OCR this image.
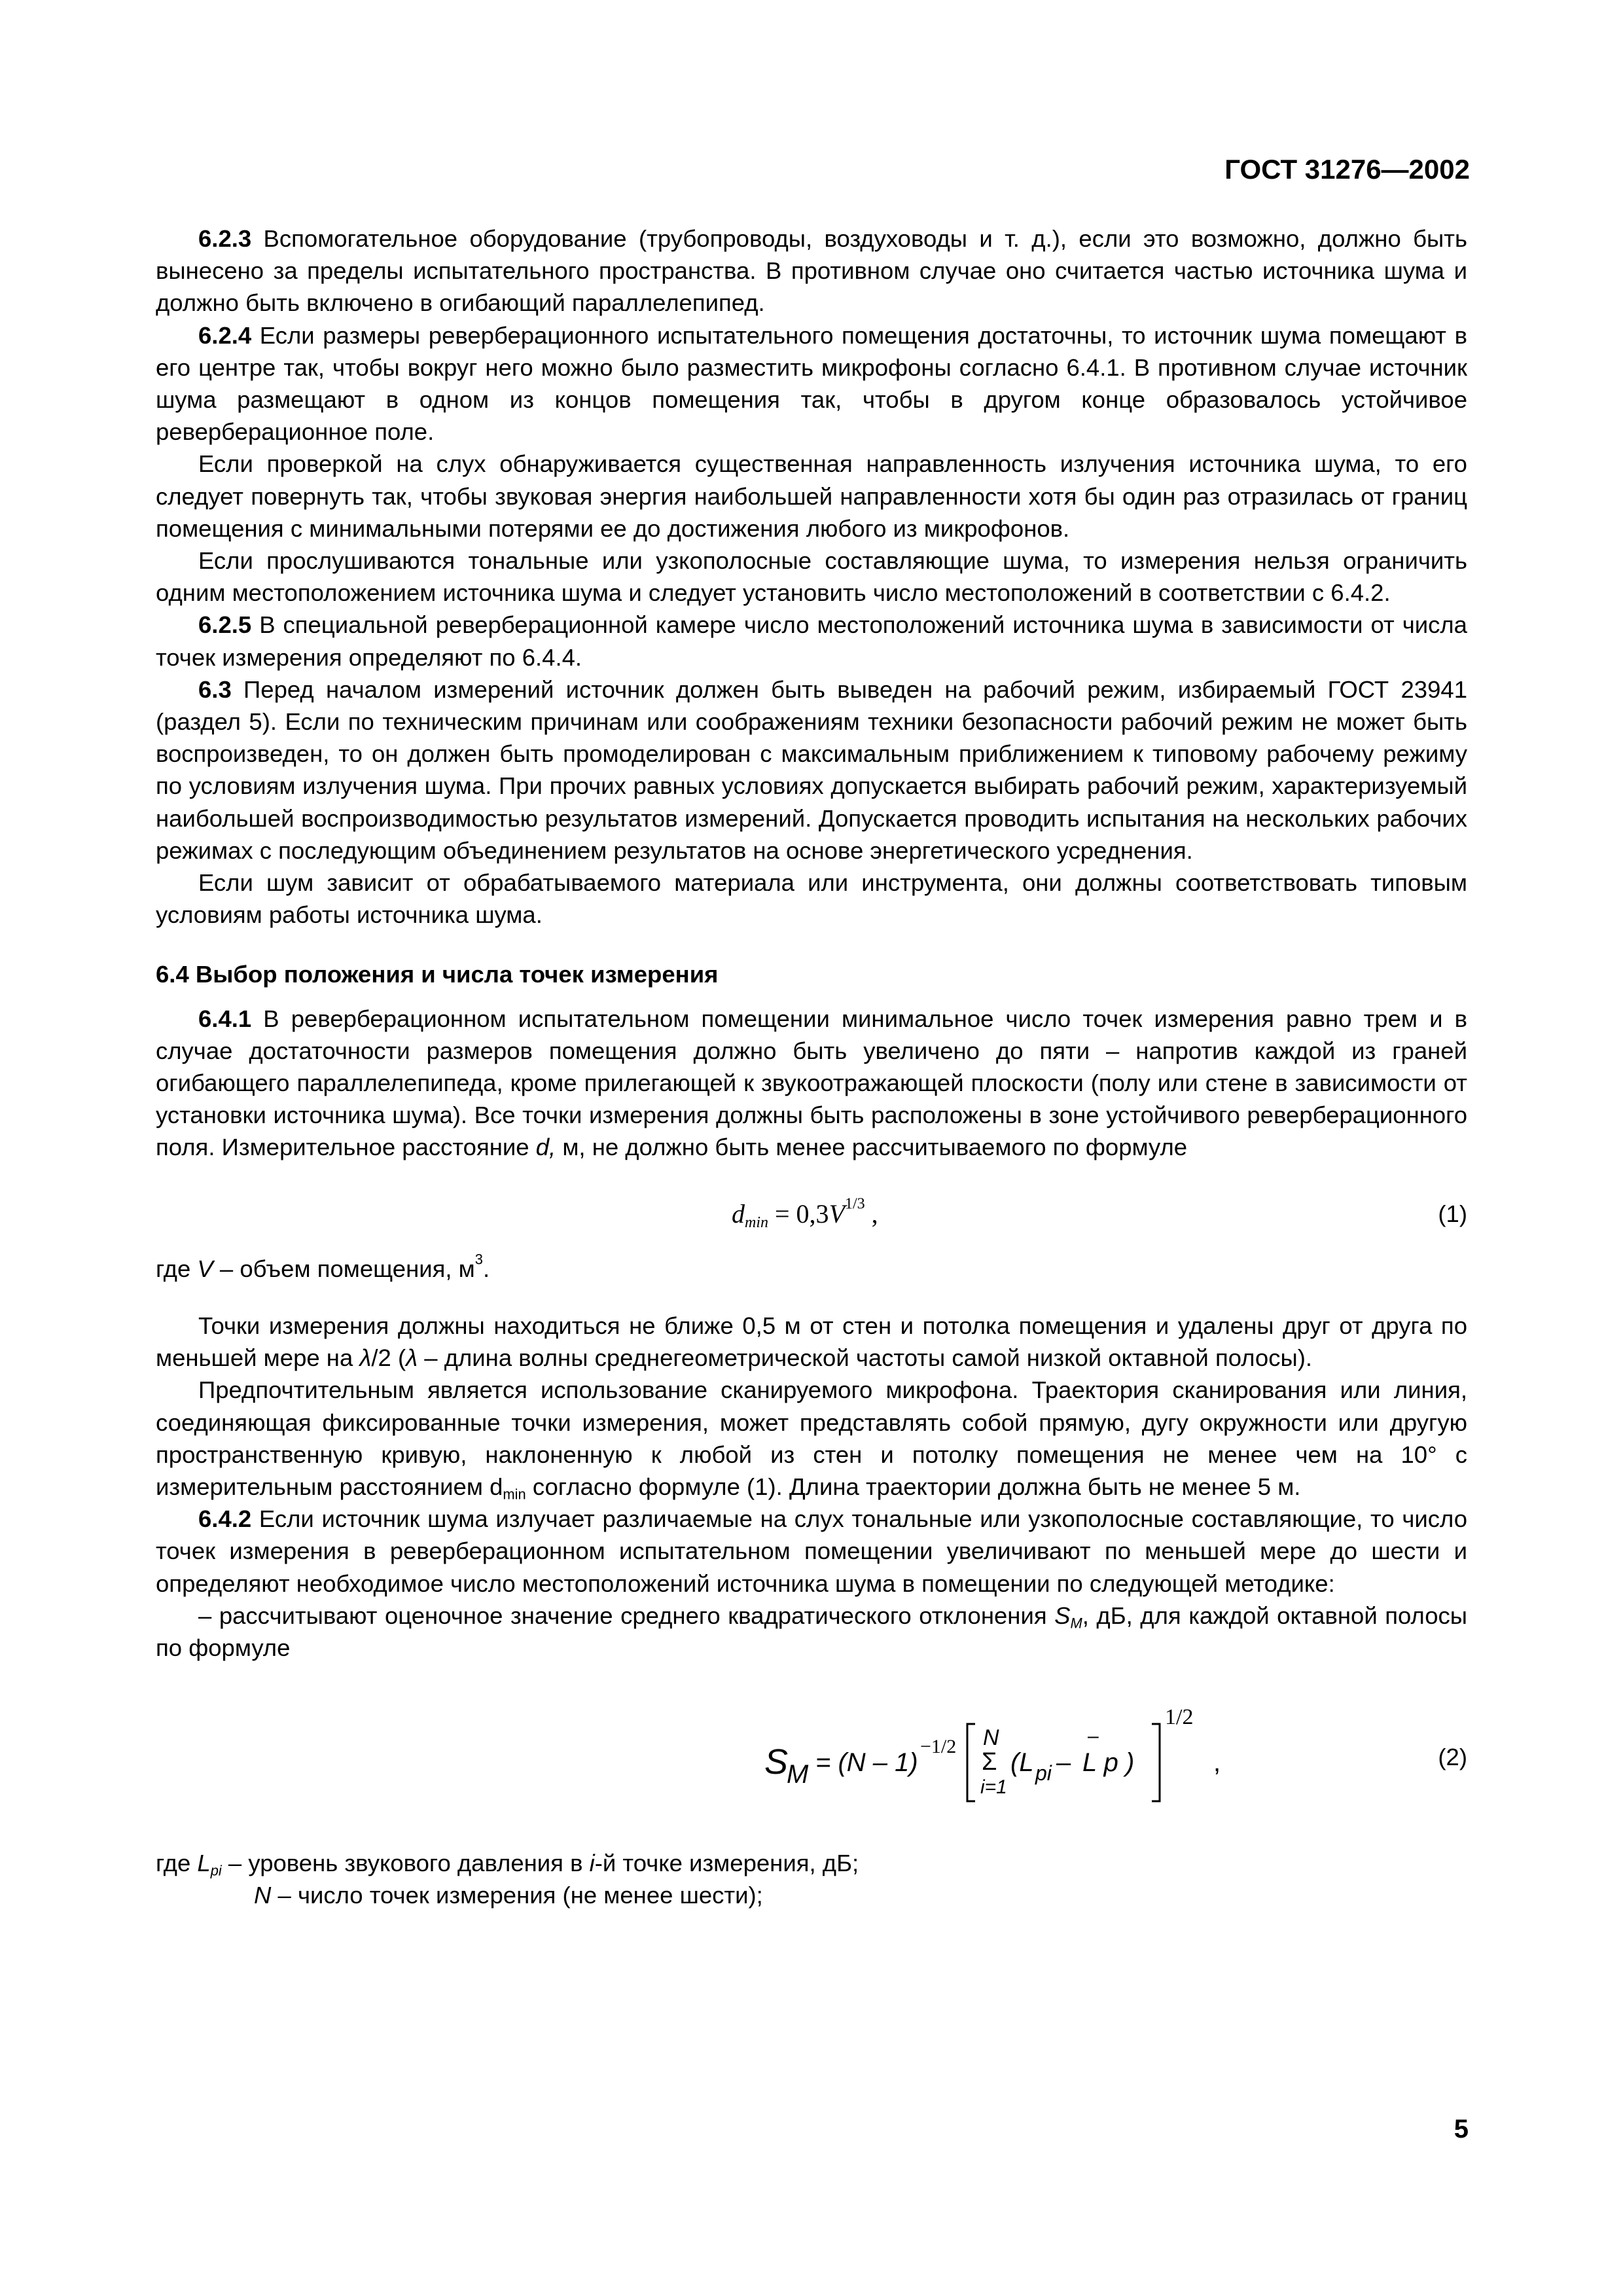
ГОСТ 31276—2002

6.2.3 Вспомогательное оборудование (трубопроводы, воздуховоды и т. д.), если это возможно, должно быть вынесено за пределы испытательного пространства. В противном случае оно считается частью источника шума и должно быть включено в огибающий параллелепипед.

6.2.4 Если размеры реверберационного испытательного помещения достаточны, то источник шума помещают в его центре так, чтобы вокруг него можно было разместить микрофоны согласно 6.4.1. В противном случае источник шума размещают в одном из концов помещения так, чтобы в другом конце образовалось устойчивое реверберационное поле.

Если проверкой на слух обнаруживается существенная направленность излучения источника шума, то его следует повернуть так, чтобы звуковая энергия наибольшей направленности хотя бы один раз отразилась от границ помещения с минимальными потерями ее до достижения любого из микрофонов.

Если прослушиваются тональные или узкополосные составляющие шума, то измерения нельзя ограничить одним местоположением источника шума и следует установить число местоположений в соответствии с 6.4.2.

6.2.5 В специальной реверберационной камере число местоположений источника шума в зависимости от числа точек измерения определяют по 6.4.4.

6.3 Перед началом измерений источник должен быть выведен на рабочий режим, избираемый ГОСТ 23941 (раздел 5). Если по техническим причинам или соображениям техники безопасности рабочий режим не может быть воспроизведен, то он должен быть промоделирован с максимальным приближением к типовому рабочему режиму по условиям излучения шума. При прочих равных условиях допускается выбирать рабочий режим, характеризуемый наибольшей воспроизводимостью результатов измерений. Допускается проводить испытания на нескольких рабочих режимах с последующим объединением результатов на основе энергетического усреднения.

Если шум зависит от обрабатываемого материала или инструмента, они должны соответствовать типовым условиям работы источника шума.

6.4 Выбор положения и числа точек измерения

6.4.1 В реверберационном испытательном помещении минимальное число точек измерения равно трем и в случае достаточности размеров помещения должно быть увеличено до пяти – напротив каждой из граней огибающего параллелепипеда, кроме прилегающей к звукоотражающей плоскости (полу или стене в зависимости от установки источника шума). Все точки измерения должны быть расположены в зоне устойчивого реверберационного поля. Измерительное расстояние d, м, не должно быть менее рассчитываемого по формуле

$d_{min} = 0,3V^{1/3}$ ,	(1)

где V – объем помещения, $м^3$.

Точки измерения должны находиться не ближе 0,5 м от стен и потолка помещения и удалены друг от друга по меньшей мере на λ/2 (λ – длина волны среднегеометрической частоты самой низкой октавной полосы).

Предпочтительным является использование сканируемого микрофона. Траектория сканирования или линия, соединяющая фиксированные точки измерения, может представлять собой прямую, дугу окружности или другую пространственную кривую, наклоненную к любой из стен и потолку помещения не менее чем на 10° с измерительным расстоянием $d_{min}$ согласно формуле (1). Длина траектории должна быть не менее 5 м.

6.4.2 Если источник шума излучает различаемые на слух тональные или узкополосные составляющие, то число точек измерения в реверберационном испытательном помещении увеличивают по меньшей мере до шести и определяют необходимое число местоположений источника шума в помещении по следующей методике:

– рассчитывают оценочное значение среднего квадратического отклонения $S_M$, дБ, для каждой октавной полосы по формуле

S
M = (N – 1)
−1/2 N
Σ
i=1
(L pi –
–
L p )
1/2
,	(2)

где $L_{pi}$ – уровень звукового давления в i-й точке измерения, дБ;

N – число точек измерения (не менее шести);

5
